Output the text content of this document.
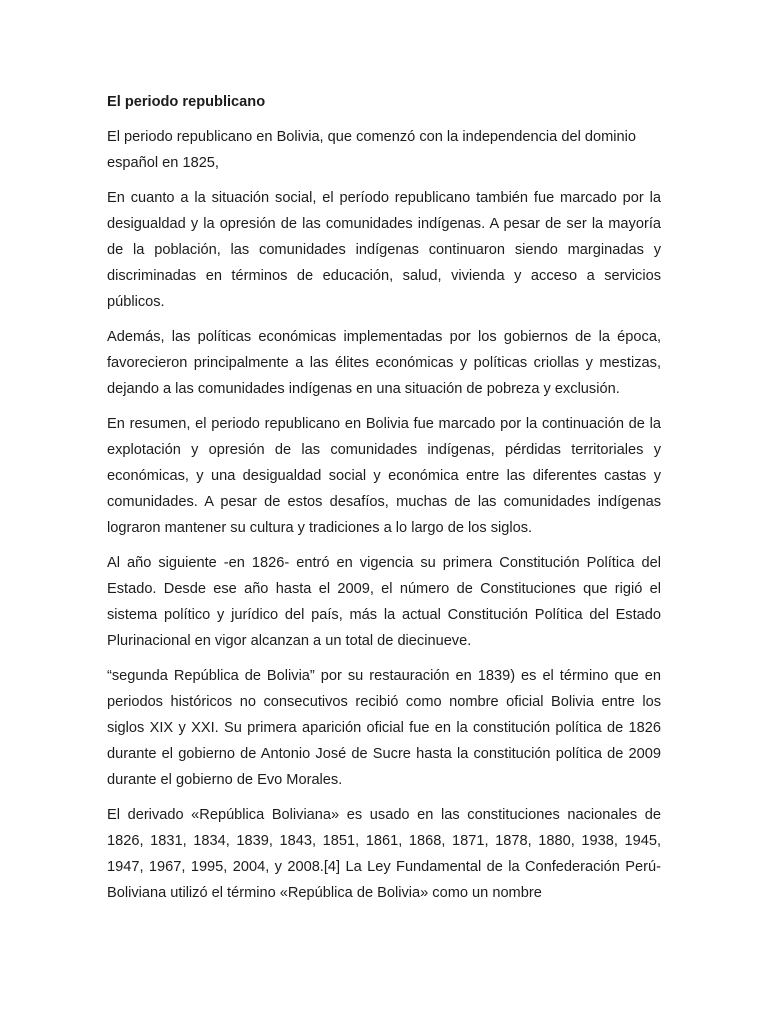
El periodo republicano

El periodo republicano en Bolivia, que comenzó con la independencia del dominio español en 1825,

En cuanto a la situación social, el período republicano también fue marcado por la desigualdad y la opresión de las comunidades indígenas. A pesar de ser la mayoría de la población, las comunidades indígenas continuaron siendo marginadas y discriminadas en términos de educación, salud, vivienda y acceso a servicios públicos.

Además, las políticas económicas implementadas por los gobiernos de la época, favorecieron principalmente a las élites económicas y políticas criollas y mestizas, dejando a las comunidades indígenas en una situación de pobreza y exclusión.

En resumen, el periodo republicano en Bolivia fue marcado por la continuación de la explotación y opresión de las comunidades indígenas, pérdidas territoriales y económicas, y una desigualdad social y económica entre las diferentes castas y comunidades. A pesar de estos desafíos, muchas de las comunidades indígenas lograron mantener su cultura y tradiciones a lo largo de los siglos.

Al año siguiente -en 1826- entró en vigencia su primera Constitución Política del Estado. Desde ese año hasta el 2009, el número de Constituciones que rigió el sistema político y jurídico del país, más la actual Constitución Política del Estado Plurinacional en vigor alcanzan a un total de diecinueve.

“segunda República de Bolivia” por su restauración en 1839) es el término que en periodos históricos no consecutivos recibió como nombre oficial Bolivia entre los siglos XIX y XXI. Su primera aparición oficial fue en la constitución política de 1826 durante el gobierno de Antonio José de Sucre hasta la constitución política de 2009 durante el gobierno de Evo Morales.

El derivado «República Boliviana» es usado en las constituciones nacionales de 1826, 1831, 1834, 1839, 1843, 1851, 1861, 1868, 1871, 1878, 1880, 1938, 1945, 1947, 1967, 1995, 2004, y 2008.[4] La Ley Fundamental de la Confederación Perú-Boliviana utilizó el término «República de Bolivia» como un nombre
